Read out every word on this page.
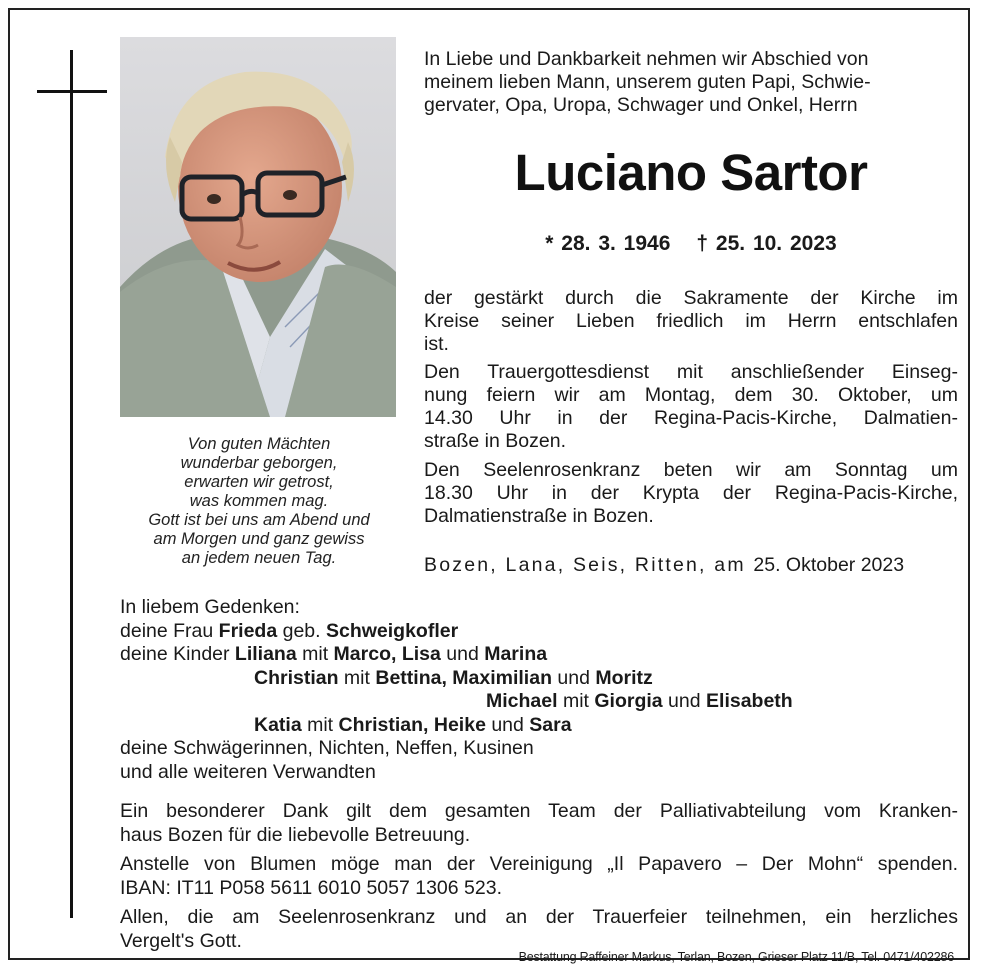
Von guten Mächten
wunderbar geborgen,
erwarten wir getrost,
was kommen mag.
Gott ist bei uns am Abend und
am Morgen und ganz gewiss
an jedem neuen Tag.
In Liebe und Dankbarkeit nehmen wir Abschied von
meinem lieben Mann, unserem guten Papi, Schwie-
gervater, Opa, Uropa, Schwager und Onkel, Herrn
Luciano Sartor
* 28. 3. 1946 † 25. 10. 2023
der gestärkt durch die Sakramente der Kirche im
Kreise seiner Lieben friedlich im Herrn entschlafen
ist.
Den Trauergottesdienst mit anschließender Einseg-
nung feiern wir am Montag, dem 30. Oktober, um
14.30 Uhr in der Regina-Pacis-Kirche, Dalmatien-
straße in Bozen.
Den Seelenrosenkranz beten wir am Sonntag um
18.30 Uhr in der Krypta der Regina-Pacis-Kirche,
Dalmatienstraße in Bozen.
Bozen, Lana, Seis, Ritten, am 25. Oktober 2023
In liebem Gedenken:
deine Frau Frieda geb. Schweigkofler
deine Kinder Liliana mit Marco, Lisa und Marina
Christian mit Bettina, Maximilian und Moritz
Michael mit Giorgia und Elisabeth
Katia mit Christian, Heike und Sara
deine Schwägerinnen, Nichten, Neffen, Kusinen
und alle weiteren Verwandten
Ein besonderer Dank gilt dem gesamten Team der Palliativabteilung vom Kranken-
haus Bozen für die liebevolle Betreuung.
Anstelle von Blumen möge man der Vereinigung „Il Papavero – Der Mohn“ spenden.
IBAN: IT11 P058 5611 6010 5057 1306 523.
Allen, die am Seelenrosenkranz und an der Trauerfeier teilnehmen, ein herzliches
Vergelt's Gott.
Bestattung Raffeiner Markus, Terlan, Bozen, Grieser Platz 11/B, Tel. 0471/402286
